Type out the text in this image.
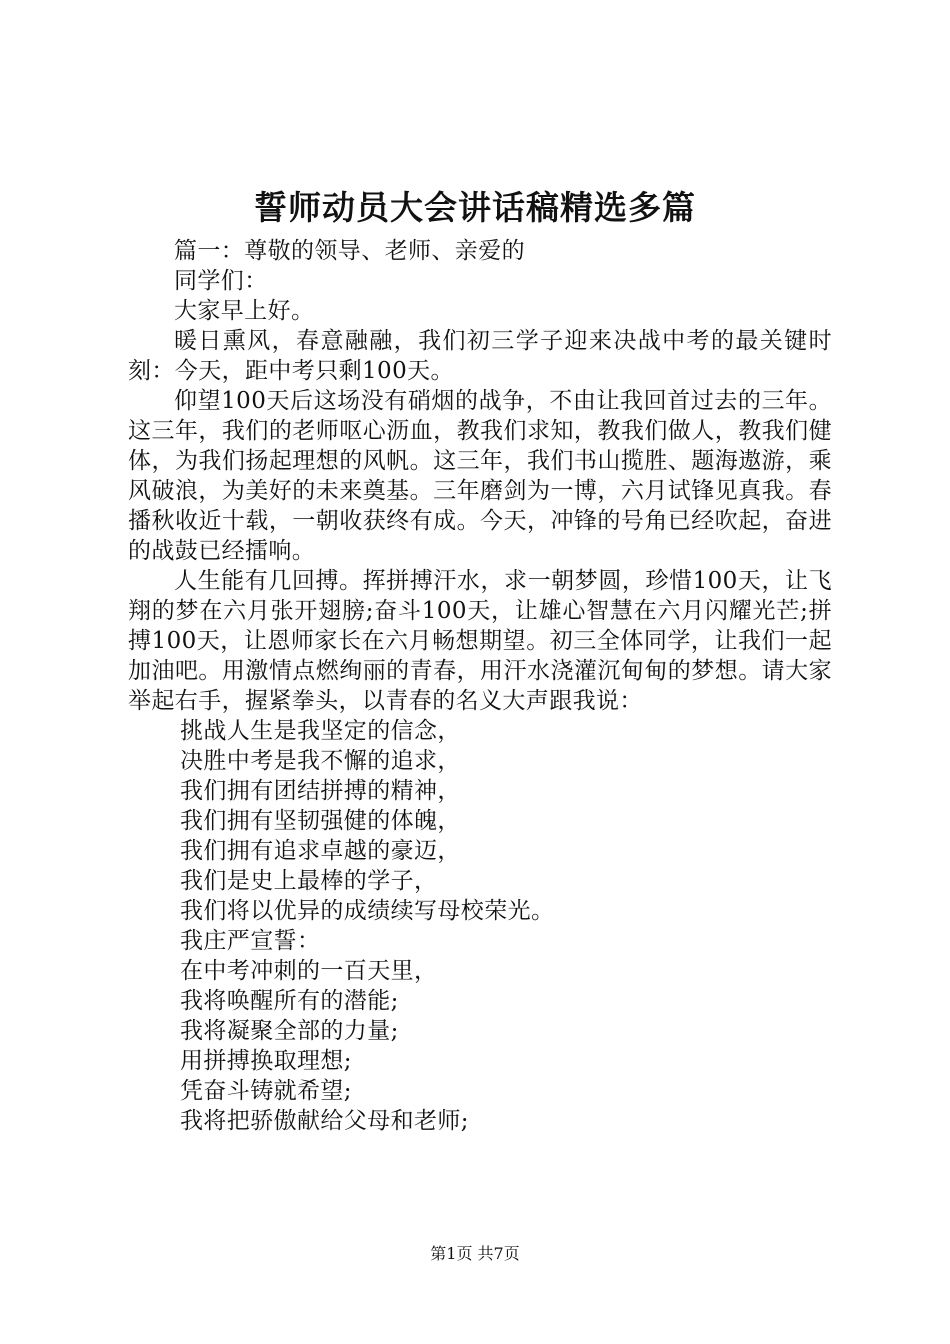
誓师动员大会讲话稿精选多篇

篇一：尊敬的领导、老师、亲爱的

同学们：

大家早上好。

暖日熏风，春意融融，我们初三学子迎来决战中考的最关键时刻：今天，距中考只剩100天。

仰望100天后这场没有硝烟的战争，不由让我回首过去的三年。这三年，我们的老师呕心沥血，教我们求知，教我们做人，教我们健体，为我们扬起理想的风帆。这三年，我们书山揽胜、题海遨游，乘风破浪，为美好的未来奠基。三年磨剑为一博，六月试锋见真我。春播秋收近十载，一朝收获终有成。今天，冲锋的号角已经吹起，奋进的战鼓已经擂响。

人生能有几回搏。挥拼搏汗水，求一朝梦圆，珍惜100天，让飞翔的梦在六月张开翅膀;奋斗100天，让雄心智慧在六月闪耀光芒;拼搏100天，让恩师家长在六月畅想期望。初三全体同学，让我们一起加油吧。用激情点燃绚丽的青春，用汗水浇灌沉甸甸的梦想。请大家举起右手，握紧拳头，以青春的名义大声跟我说：

挑战人生是我坚定的信念，

决胜中考是我不懈的追求，

我们拥有团结拼搏的精神，

我们拥有坚韧强健的体魄，

我们拥有追求卓越的豪迈，

我们是史上最棒的学子，

我们将以优异的成绩续写母校荣光。

我庄严宣誓：

在中考冲刺的一百天里，

我将唤醒所有的潜能;

我将凝聚全部的力量;

用拼搏换取理想;

凭奋斗铸就希望;

我将把骄傲献给父母和老师;

第1页 共7页
